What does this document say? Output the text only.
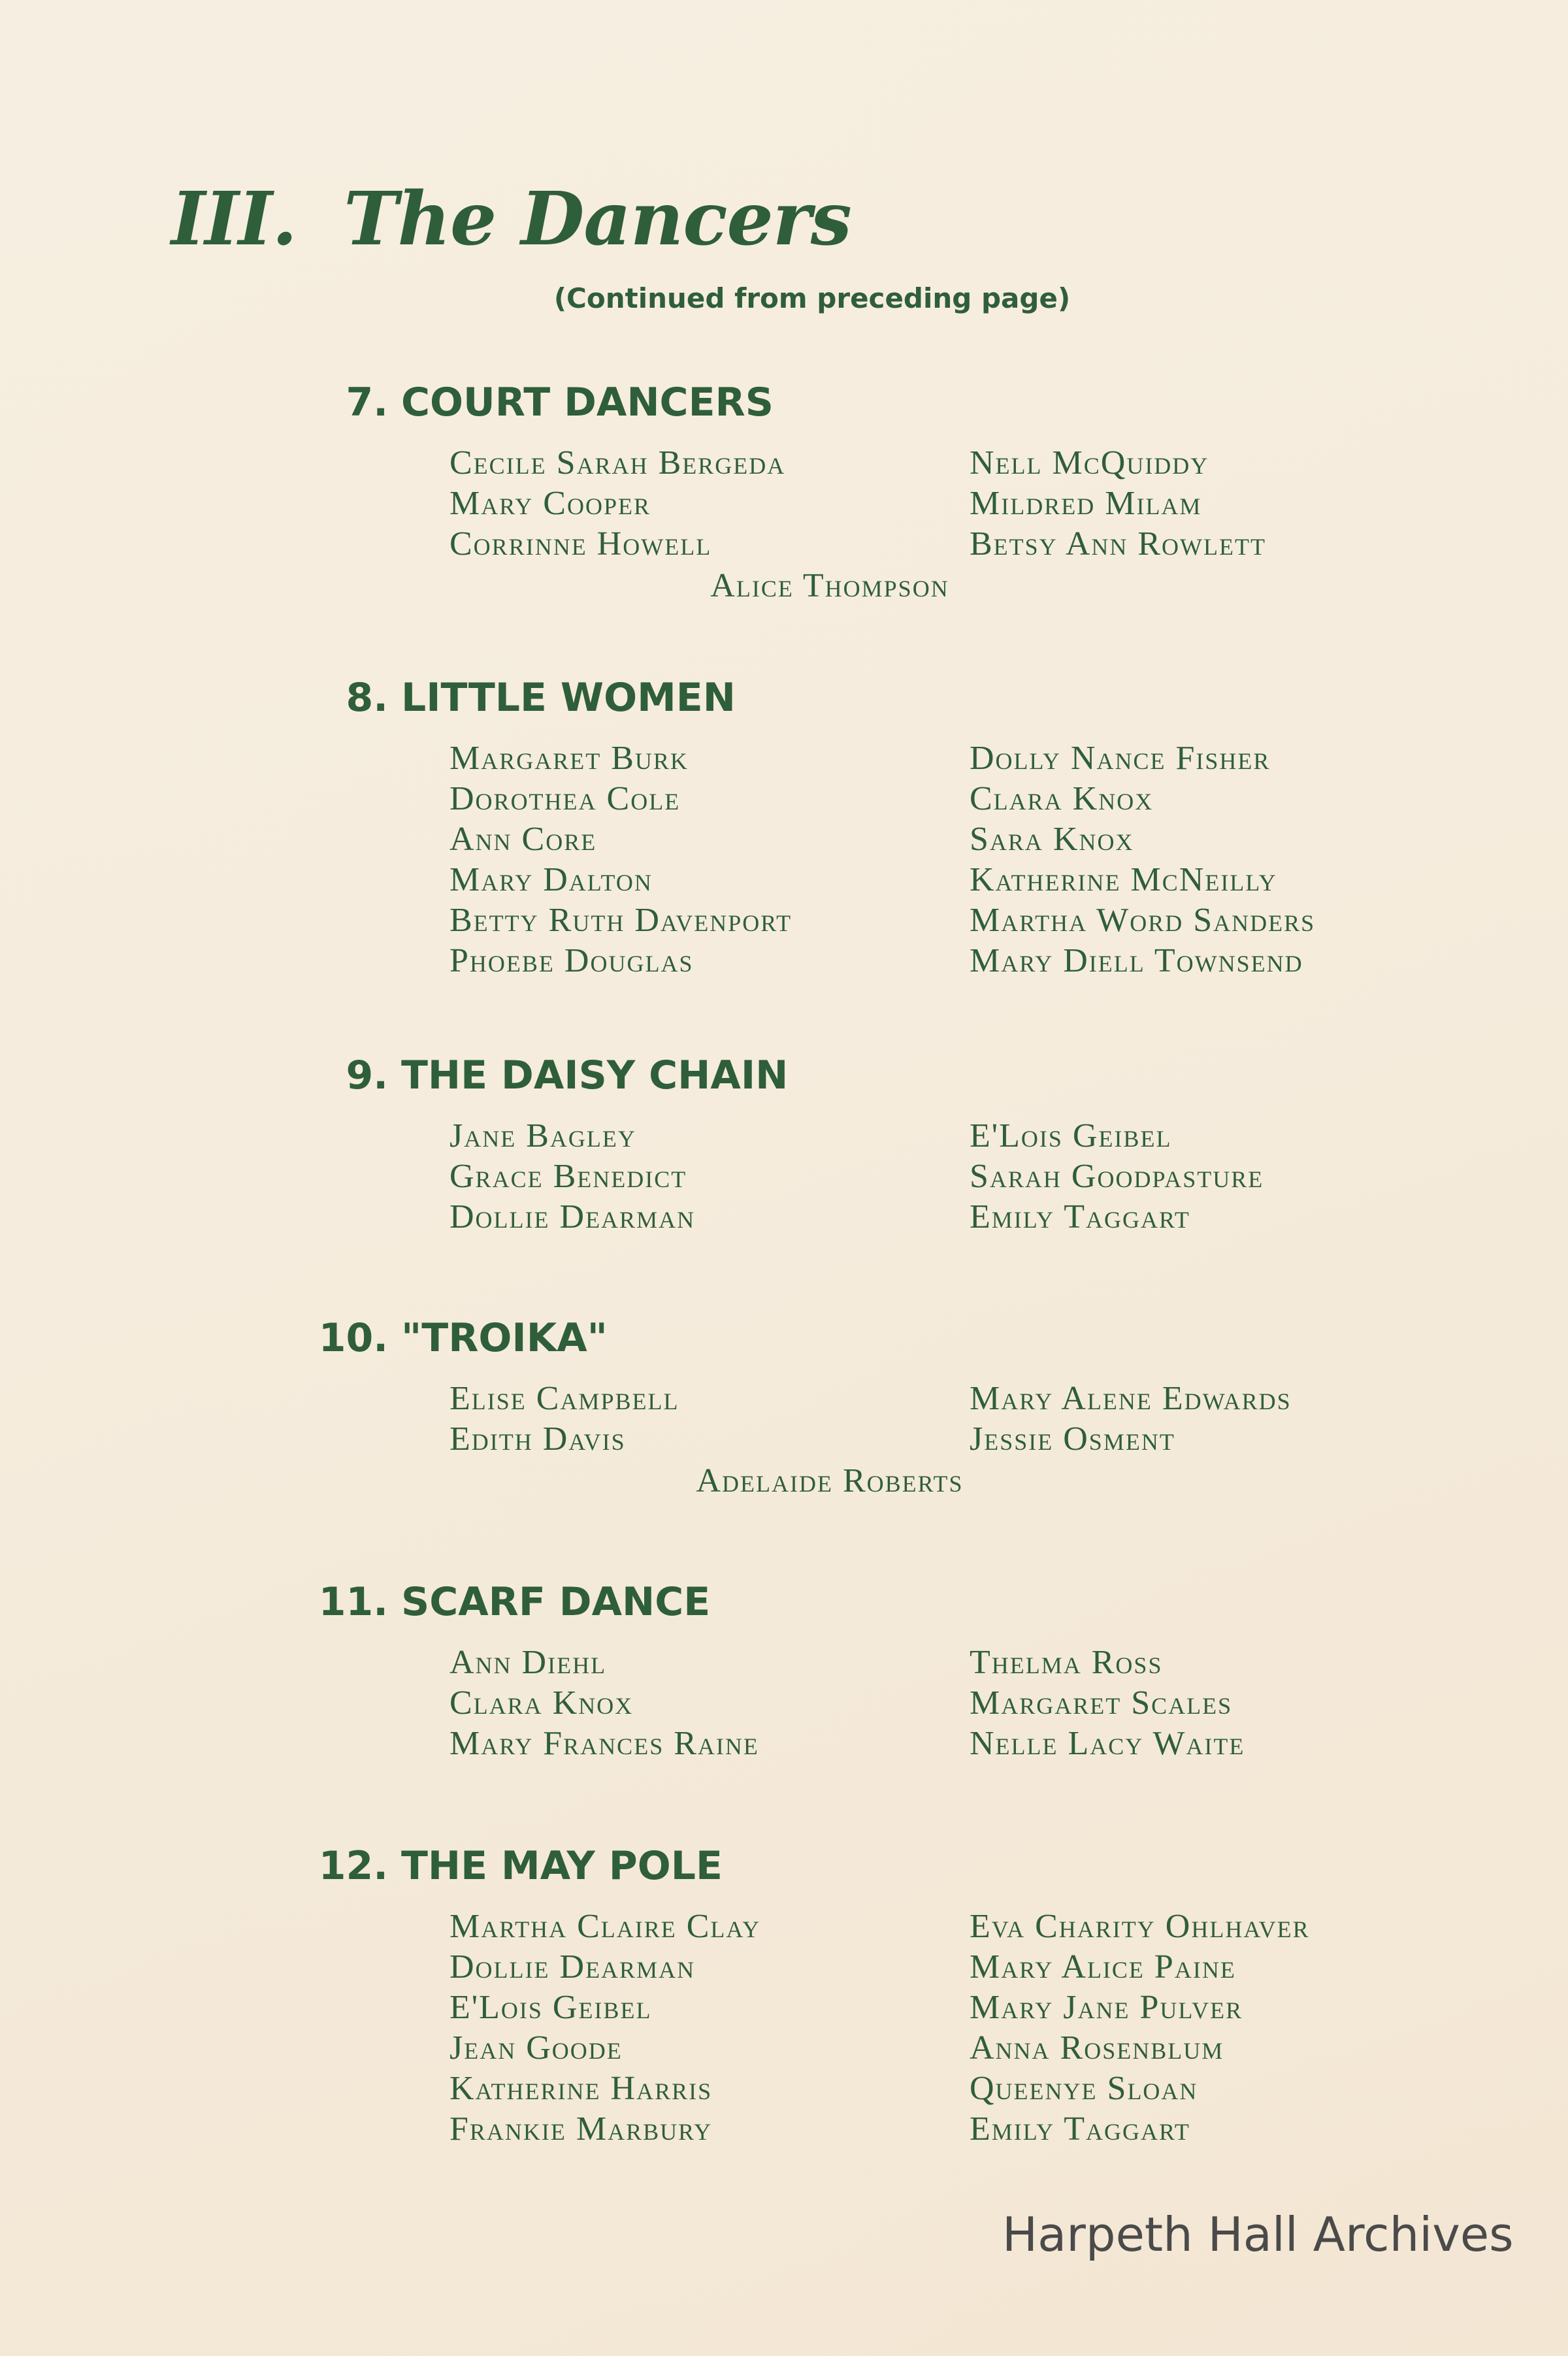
III. The Dancers
(Continued from preceding page)
7. COURT DANCERS
Cecile Sarah Bergeda
Mary Cooper
Corrinne Howell
Nell McQuiddy
Mildred Milam
Betsy Ann Rowlett
Alice Thompson
8. LITTLE WOMEN
Margaret Burk
Dorothea Cole
Ann Core
Mary Dalton
Betty Ruth Davenport
Phoebe Douglas
Dolly Nance Fisher
Clara Knox
Sara Knox
Katherine McNeilly
Martha Word Sanders
Mary Diell Townsend
9. THE DAISY CHAIN
Jane Bagley
Grace Benedict
Dollie Dearman
E'Lois Geibel
Sarah Goodpasture
Emily Taggart
10. "TROIKA"
Elise Campbell
Edith Davis
Mary Alene Edwards
Jessie Osment
Adelaide Roberts
11. SCARF DANCE
Ann Diehl
Clara Knox
Mary Frances Raine
Thelma Ross
Margaret Scales
Nelle Lacy Waite
12. THE MAY POLE
Martha Claire Clay
Dollie Dearman
E'Lois Geibel
Jean Goode
Katherine Harris
Frankie Marbury
Eva Charity Ohlhaver
Mary Alice Paine
Mary Jane Pulver
Anna Rosenblum
Queenye Sloan
Emily Taggart
Harpeth Hall Archives
